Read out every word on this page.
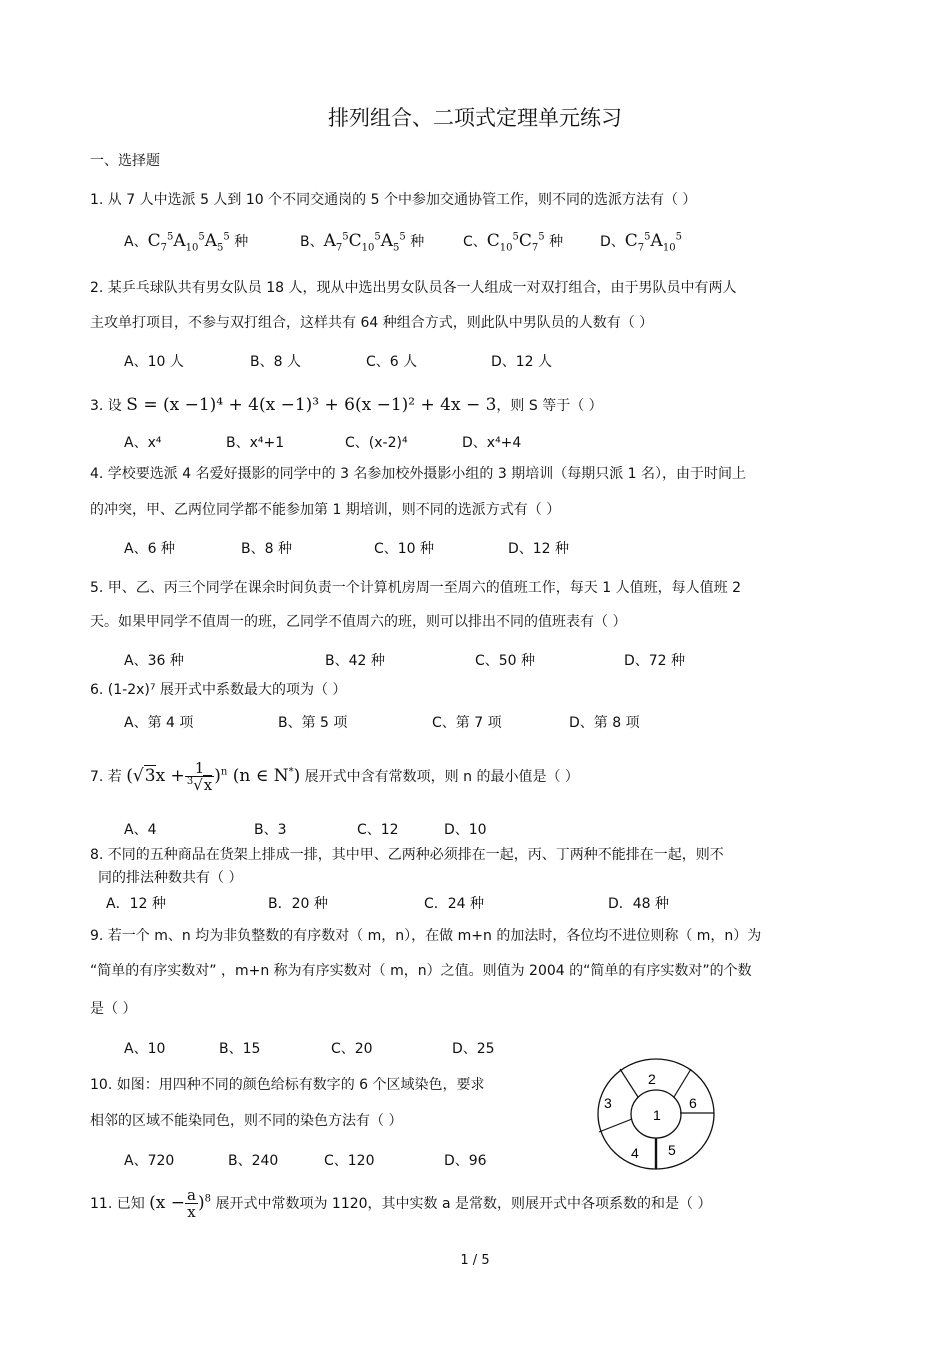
排列组合、二项式定理单元练习
一、选择题
1. 从 7 人中选派 5 人到 10 个不同交通岗的 5 个中参加交通协管工作，则不同的选派方法有（ ）
A、$C_7^5A_{10}^5A_5^5$ 种	B、$A_7^5C_{10}^5A_5^5$ 种	C、$C_{10}^5C_7^5$ 种	D、$C_7^5A_{10}^5$
2. 某乒乓球队共有男女队员 18 人，现从中选出男女队员各一人组成一对双打组合，由于男队员中有两人
主攻单打项目，不参与双打组合，这样共有 64 种组合方式，则此队中男队员的人数有（ ）
A、10 人	B、8 人	C、6 人	D、12 人
3. 设 S = (x −1)⁴ + 4(x −1)³ + 6(x −1)² + 4x − 3，则 S 等于（ ）
A、x⁴	B、x⁴+1	C、(x-2)⁴	D、x⁴+4
4. 学校要选派 4 名爱好摄影的同学中的 3 名参加校外摄影小组的 3 期培训（每期只派 1 名），由于时间上
的冲突，甲、乙两位同学都不能参加第 1 期培训，则不同的选派方式有（ ）
A、6 种	B、8 种	C、10 种	D、12 种
5. 甲、乙、丙三个同学在课余时间负责一个计算机房周一至周六的值班工作，每天 1 人值班，每人值班 2
天。如果甲同学不值周一的班，乙同学不值周六的班，则可以排出不同的值班表有（ ）
A、36 种	B、42 种	C、50 种	D、72 种
6. (1-2x)⁷ 展开式中系数最大的项为（ ）
A、第 4 项	B、第 5 项	C、第 7 项	D、第 8 项
7. 若 $(√3x + \frac{1}{^3√x} )^n$ (n ∈ N*) 展开式中含有常数项，则 n 的最小值是（ ）
A、4	B、3	C、12	D、10
8. 不同的五种商品在货架上排成一排，其中甲、乙两种必须排在一起，丙、丁两种不能排在一起，则不
同的排法种数共有（ ）
A．12 种	B．20 种	C．24 种	D．48 种
9. 若一个 m、n 均为非负整数的有序数对（ m，n），在做 m+n 的加法时，各位均不进位则称（ m，n）为
“简单的有序实数对” ，m+n 称为有序实数对（ m，n）之值。则值为 2004 的“简单的有序实数对”的个数
是（ ）
A、10	B、15	C、20	D、25
10. 如图：用四种不同的颜色给标有数字的 6 个区域染色，要求
相邻的区域不能染同色，则不同的染色方法有（ ）
A、720	B、240	C、120	D、96
1
2
3
4 5
6
11. 已知 $(x - \frac{a}{x} )^8$ 展开式中常数项为 1120，其中实数 a 是常数，则展开式中各项系数的和是（ ）
1 / 5
